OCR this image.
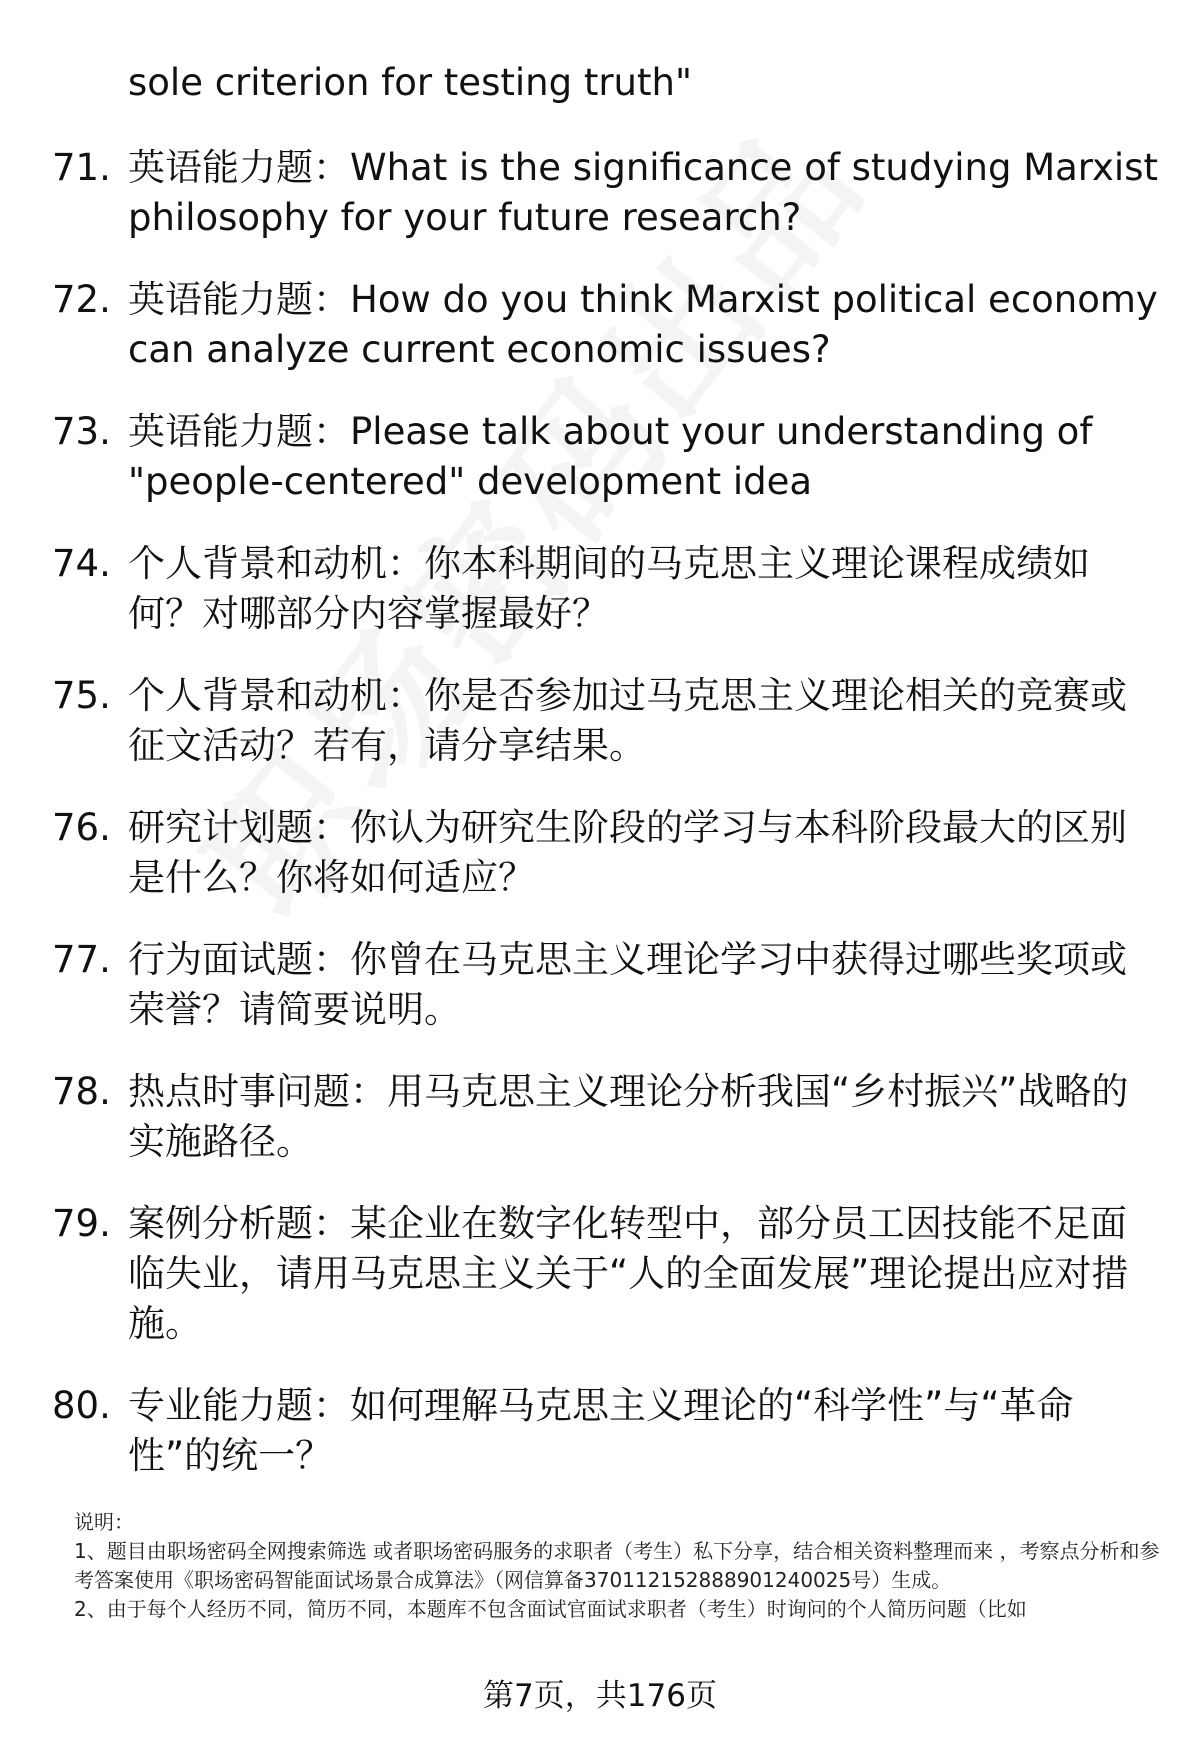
sole criterion for testing truth"
71. 英语能力题：What is the significance of studying Marxist philosophy for your future research?
72. 英语能力题：How do you think Marxist political economy can analyze current economic issues?
73. 英语能力题：Please talk about your understanding of "people-centered" development idea
74. 个人背景和动机：你本科期间的马克思主义理论课程成绩如何？对哪部分内容掌握最好？
75. 个人背景和动机：你是否参加过马克思主义理论相关的竞赛或征文活动？若有，请分享结果。
76. 研究计划题：你认为研究生阶段的学习与本科阶段最大的区别是什么？你将如何适应？
77. 行为面试题：你曾在马克思主义理论学习中获得过哪些奖项或荣誉？请简要说明。
78. 热点时事问题：用马克思主义理论分析我国“乡村振兴”战略的实施路径。
79. 案例分析题：某企业在数字化转型中，部分员工因技能不足面临失业，请用马克思主义关于“人的全面发展”理论提出应对措施。
80. 专业能力题：如何理解马克思主义理论的“科学性”与“革命性”的统一？
说明：
1、题目由职场密码全网搜索筛选 或者职场密码服务的求职者（考生）私下分享，结合相关资料整理而来 ，考察点分析和参考答案使用《职场密码智能面试场景合成算法》（网信算备370112152888901240025号）生成。
2、由于每个人经历不同，简历不同，本题库不包含面试官面试求职者（考生）时询问的个人简历问题（比如
第7页，共176页
